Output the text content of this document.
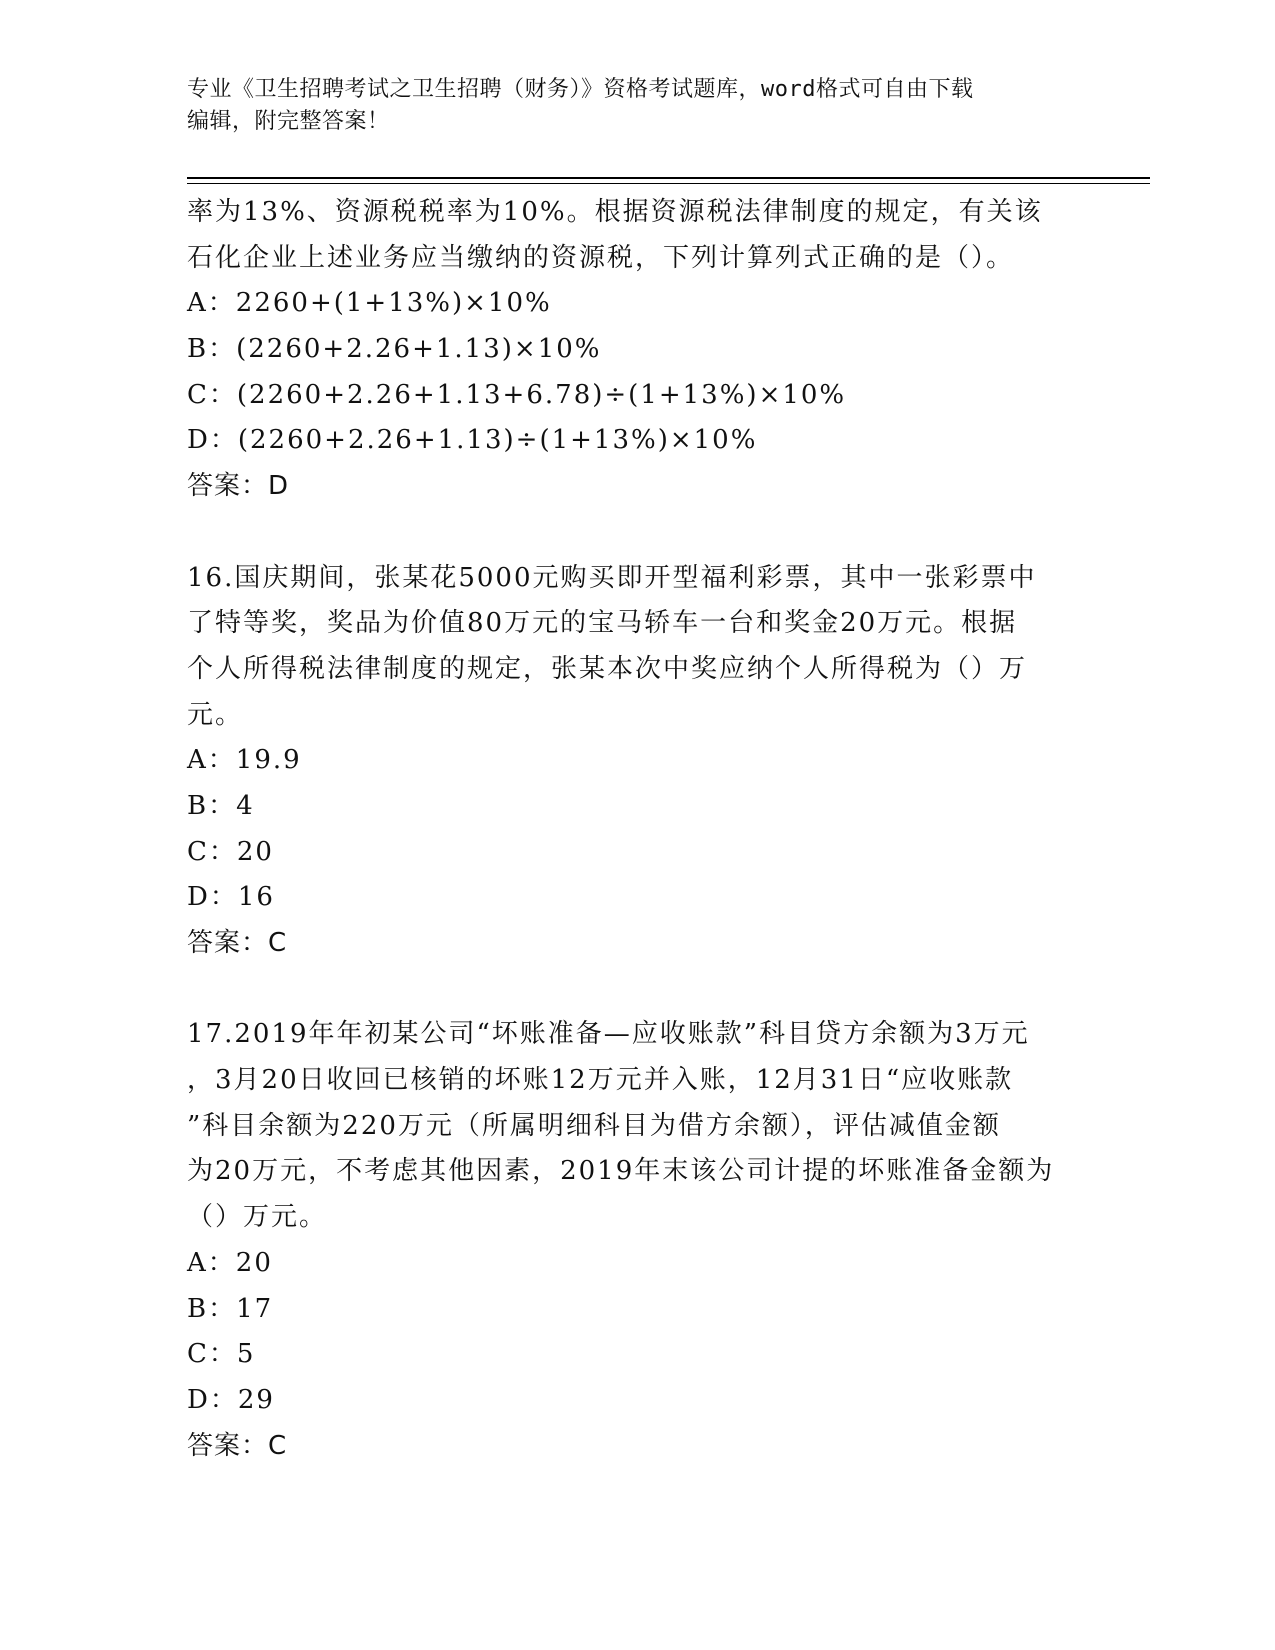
专业《卫生招聘考试之卫生招聘（财务）》资格考试题库，word格式可自由下载
编辑，附完整答案！
率为13%、资源税税率为10%。根据资源税法律制度的规定，有关该
石化企业上述业务应当缴纳的资源税，下列计算列式正确的是（）。
A：2260+(1+13%)×10%
B：(2260+2.26+1.13)×10%
C：(2260+2.26+1.13+6.78)÷(1+13%)×10%
D：(2260+2.26+1.13)÷(1+13%)×10%
答案：D
16.国庆期间，张某花5000元购买即开型福利彩票，其中一张彩票中
了特等奖，奖品为价值80万元的宝马轿车一台和奖金20万元。根据
个人所得税法律制度的规定，张某本次中奖应纳个人所得税为（）万
元。
A：19.9
B：4
C：20
D：16
答案：C
17.2019年年初某公司“坏账准备—应收账款”科目贷方余额为3万元
，3月20日收回已核销的坏账12万元并入账，12月31日“应收账款
”科目余额为220万元（所属明细科目为借方余额），评估减值金额
为20万元，不考虑其他因素，2019年末该公司计提的坏账准备金额为
（）万元。
A：20
B：17
C：5
D：29
答案：C
